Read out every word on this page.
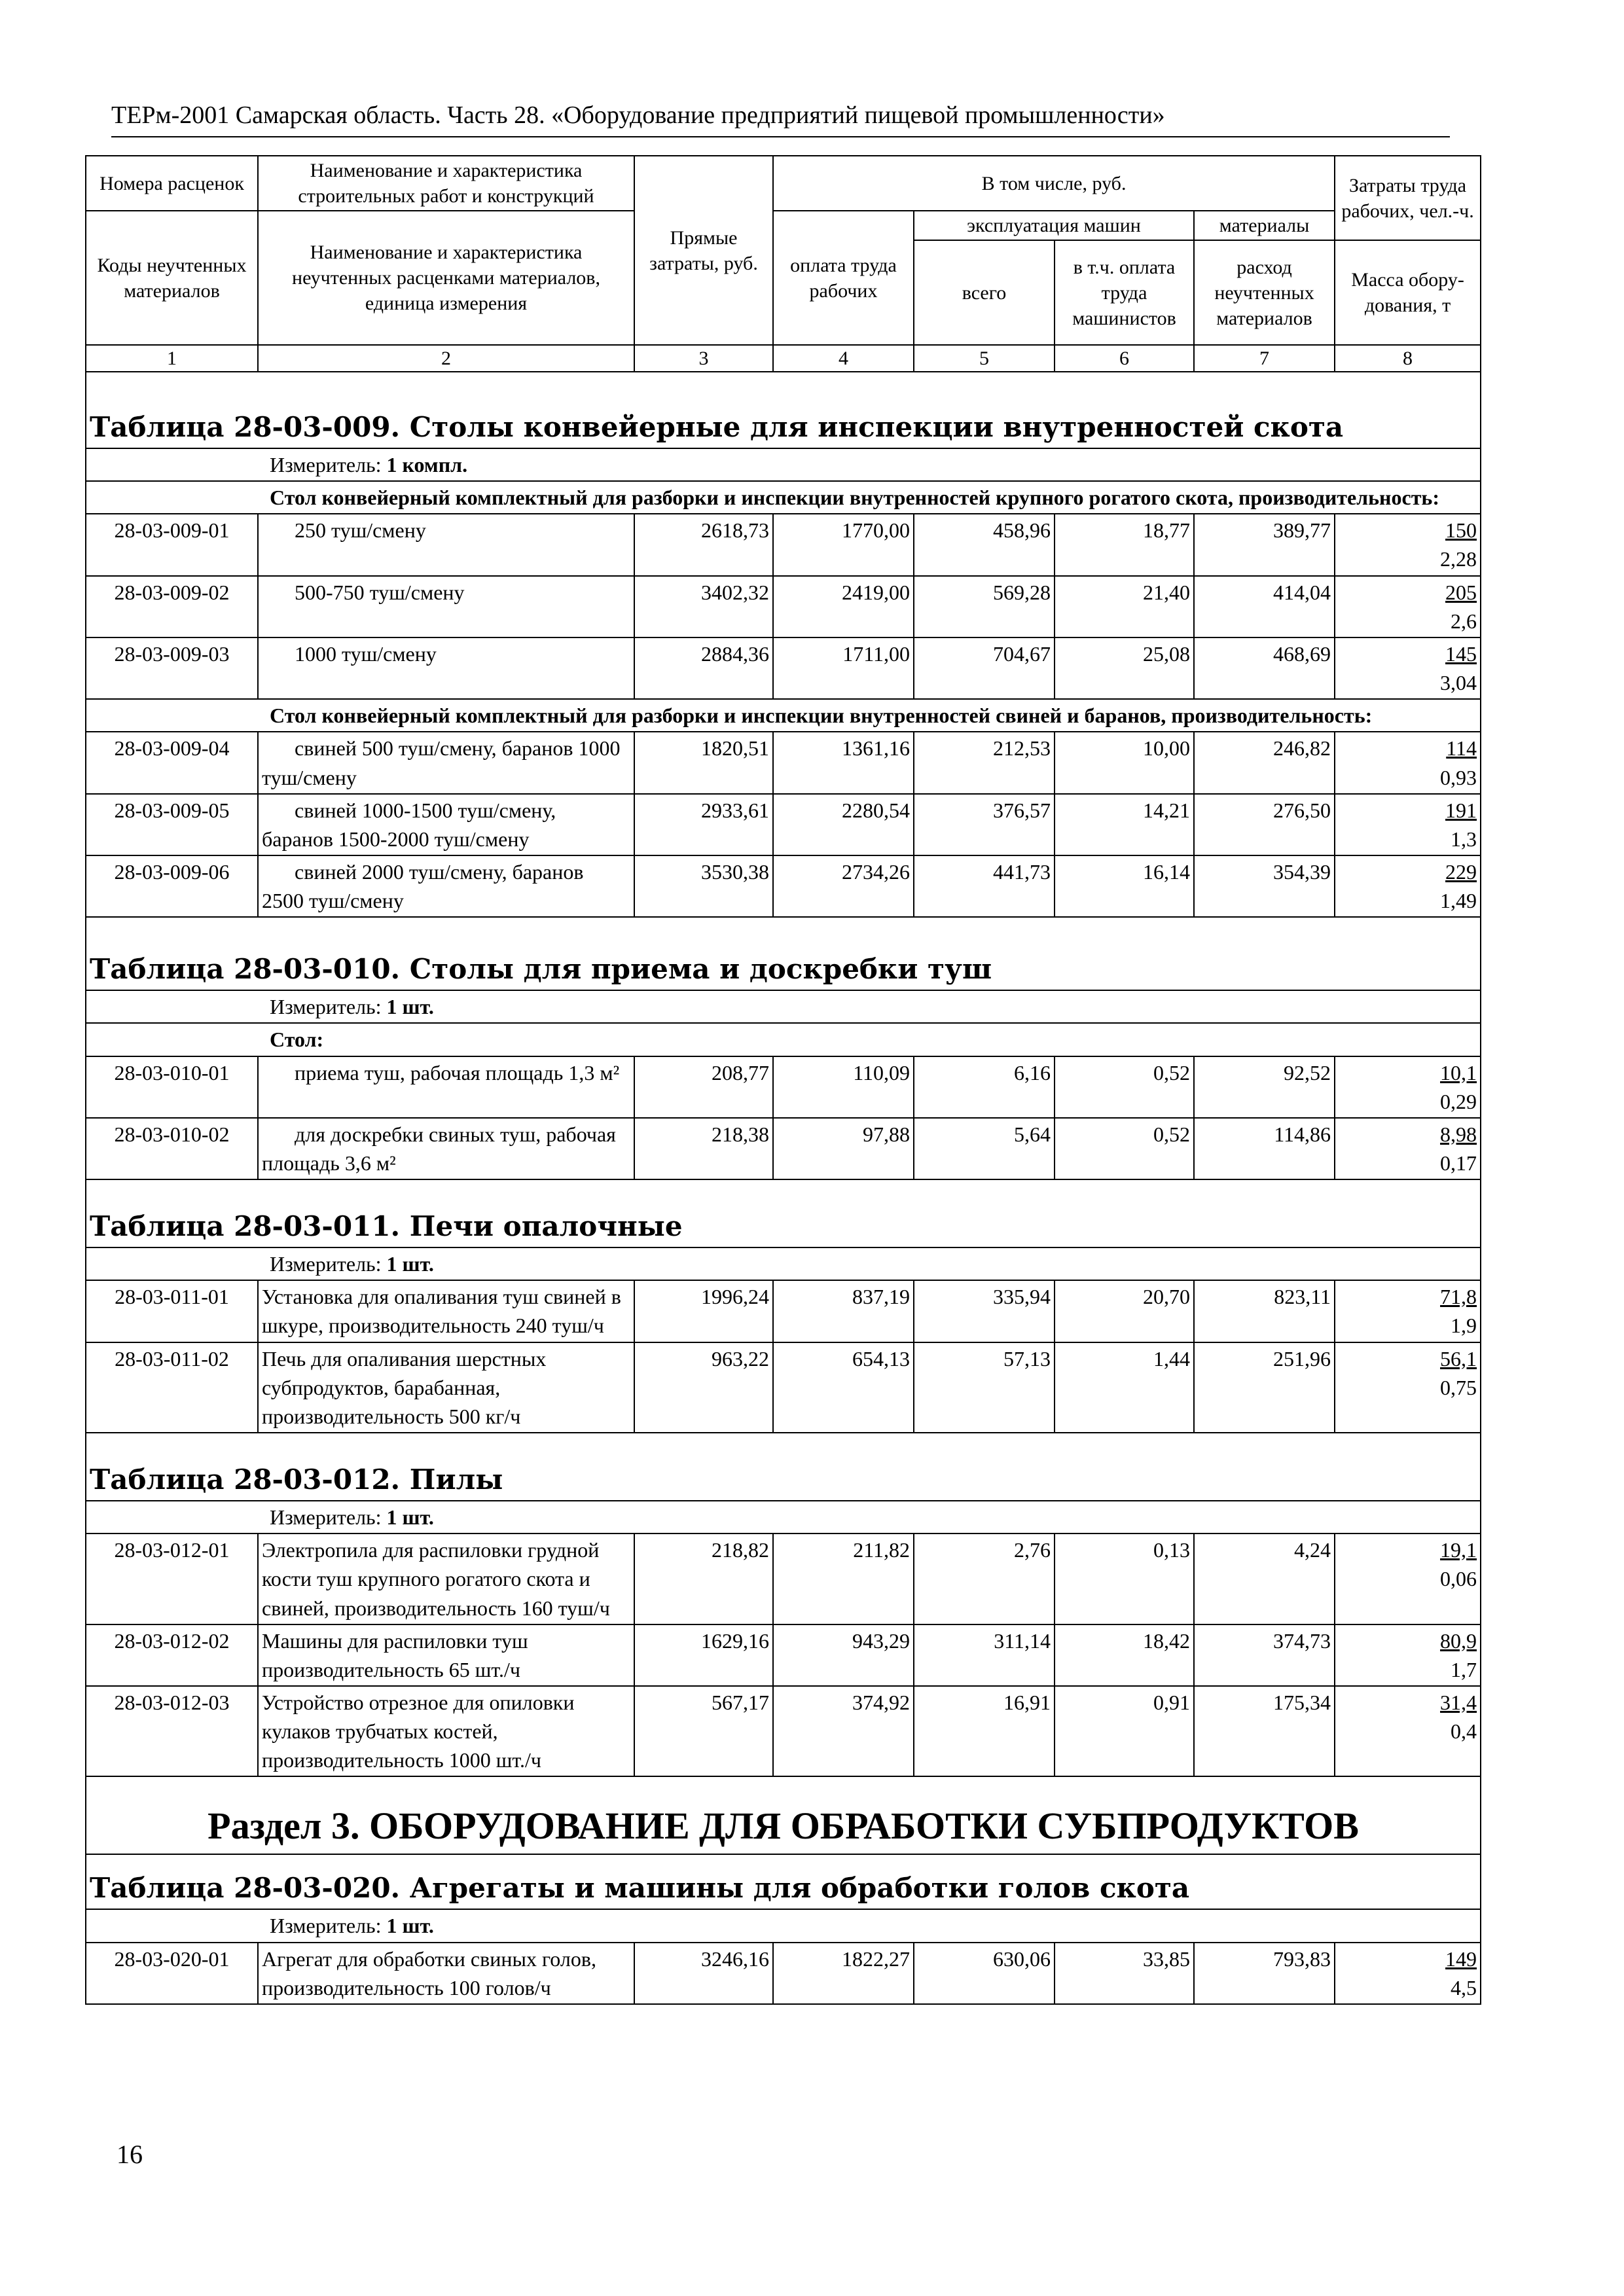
ТЕРм-2001 Самарская область. Часть 28. «Оборудование предприятий пищевой промышленности»
Номера расценок	Наименование и характеристика строительных работ и конструкций	Прямые затраты, руб.	В том числе, руб.				Затраты труда рабочих, чел.-ч.
Коды неучтенных материалов	Наименование и характеристика неучтенных расценками материалов, единица измерения		оплата труда рабочих	эксплуатация машин		материалы	
				всего	в т.ч. оплата труда машинистов	расход неучтенных материалов	Масса обору-дования, т
1	2	3	4	5	6	7	8
Таблица 28-03-009. Столы конвейерные для инспекции внутренностей скота							
Измеритель: 1 компл.							
Стол конвейерный комплектный для разборки и инспекции внутренностей крупного рогатого скота, производительность:							
28-03-009-01	250 туш/смену	2618,73	1770,00	458,96	18,77	389,77	150
2,28

28-03-009-02	500-750 туш/смену	3402,32	2419,00	569,28	21,40	414,04	205
2,6

28-03-009-03	1000 туш/смену	2884,36	1711,00	704,67	25,08	468,69	145
3,04

Стол конвейерный комплектный для разборки и инспекции внутренностей свиней и баранов, производительность:							
28-03-009-04	свиней 500 туш/смену, баранов 1000 туш/смену	1820,51	1361,16	212,53	10,00	246,82	114
0,93

28-03-009-05	свиней 1000-1500 туш/смену, баранов 1500-2000 туш/смену	2933,61	2280,54	376,57	14,21	276,50	191
1,3

28-03-009-06	свиней 2000 туш/смену, баранов 2500 туш/смену	3530,38	2734,26	441,73	16,14	354,39	229
1,49

Таблица 28-03-010. Столы для приема и доскребки туш							
Измеритель: 1 шт.							
Стол:							
28-03-010-01	приема туш, рабочая площадь 1,3 м²	208,77	110,09	6,16	0,52	92,52	10,1
0,29

28-03-010-02	для доскребки свиных туш, рабочая площадь 3,6 м²	218,38	97,88	5,64	0,52	114,86	8,98
0,17

Таблица 28-03-011. Печи опалочные							
Измеритель: 1 шт.							
28-03-011-01	Установка для опаливания туш свиней в шкуре, производительность 240 туш/ч	1996,24	837,19	335,94	20,70	823,11	71,8
1,9

28-03-011-02	Печь для опаливания шерстных субпродуктов, барабанная, производительность 500 кг/ч	963,22	654,13	57,13	1,44	251,96	56,1
0,75

Таблица 28-03-012. Пилы							
Измеритель: 1 шт.							
28-03-012-01	Электропила для распиловки грудной кости туш крупного рогатого скота и свиней, производительность 160 туш/ч	218,82	211,82	2,76	0,13	4,24	19,1
0,06

28-03-012-02	Машины для распиловки туш производительность 65 шт./ч	1629,16	943,29	311,14	18,42	374,73	80,9
1,7

28-03-012-03	Устройство отрезное для опиловки кулаков трубчатых костей, производительность 1000 шт./ч	567,17	374,92	16,91	0,91	175,34	31,4
0,4

Раздел 3. ОБОРУДОВАНИЕ ДЛЯ ОБРАБОТКИ СУБПРОДУКТОВ							
Таблица 28-03-020. Агрегаты и машины для обработки голов скота							
Измеритель: 1 шт.							
28-03-020-01	Агрегат для обработки свиных голов, производительность 100 голов/ч	3246,16	1822,27	630,06	33,85	793,83	149
4,5
16
